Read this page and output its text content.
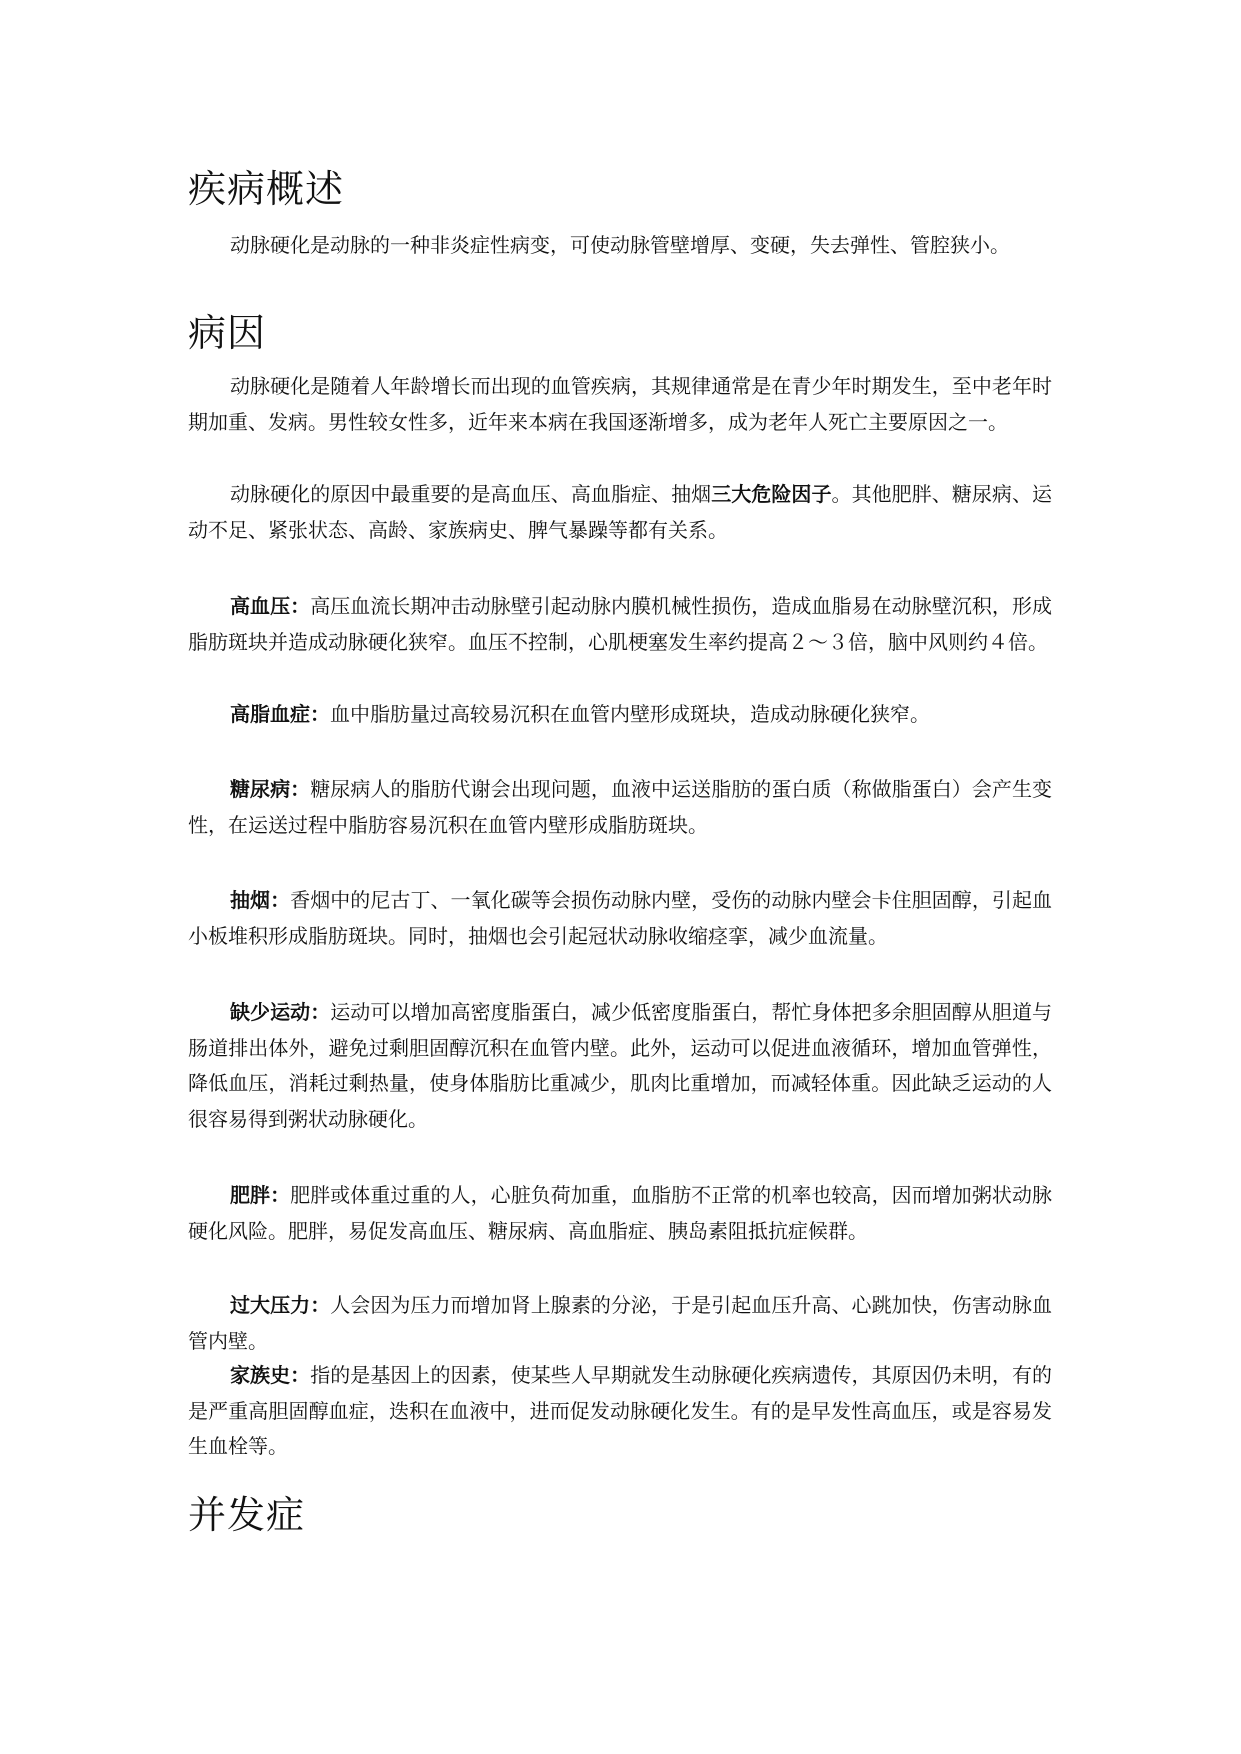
疾病概述

动脉硬化是动脉的一种非炎症性病变，可使动脉管壁增厚、变硬，失去弹性、管腔狭小。

病因

动脉硬化是随着人年龄增长而出现的血管疾病，其规律通常是在青少年时期发生，至中老年时期加重、发病。男性较女性多，近年来本病在我国逐渐增多，成为老年人死亡主要原因之一。

动脉硬化的原因中最重要的是高血压、高血脂症、抽烟三大危险因子。其他肥胖、糖尿病、运动不足、紧张状态、高龄、家族病史、脾气暴躁等都有关系。

高血压：高压血流长期冲击动脉壁引起动脉内膜机械性损伤，造成血脂易在动脉壁沉积，形成脂肪斑块并造成动脉硬化狭窄。血压不控制，心肌梗塞发生率约提高２～３倍，脑中风则约４倍。

高脂血症：血中脂肪量过高较易沉积在血管内壁形成斑块，造成动脉硬化狭窄。

糖尿病：糖尿病人的脂肪代谢会出现问题，血液中运送脂肪的蛋白质（称做脂蛋白）会产生变性，在运送过程中脂肪容易沉积在血管内壁形成脂肪斑块。

抽烟：香烟中的尼古丁、一氧化碳等会损伤动脉内壁，受伤的动脉内壁会卡住胆固醇，引起血小板堆积形成脂肪斑块。同时，抽烟也会引起冠状动脉收缩痉挛，减少血流量。

缺少运动：运动可以增加高密度脂蛋白，减少低密度脂蛋白，帮忙身体把多余胆固醇从胆道与肠道排出体外，避免过剩胆固醇沉积在血管内壁。此外，运动可以促进血液循环，增加血管弹性，降低血压，消耗过剩热量，使身体脂肪比重减少，肌肉比重增加，而减轻体重。因此缺乏运动的人很容易得到粥状动脉硬化。

肥胖：肥胖或体重过重的人，心脏负荷加重，血脂肪不正常的机率也较高，因而增加粥状动脉硬化风险。肥胖，易促发高血压、糖尿病、高血脂症、胰岛素阻抵抗症候群。

过大压力：人会因为压力而增加肾上腺素的分泌，于是引起血压升高、心跳加快，伤害动脉血管内壁。

家族史：指的是基因上的因素，使某些人早期就发生动脉硬化疾病遗传，其原因仍未明，有的是严重高胆固醇血症，迭积在血液中，进而促发动脉硬化发生。有的是早发性高血压，或是容易发生血栓等。

并发症
